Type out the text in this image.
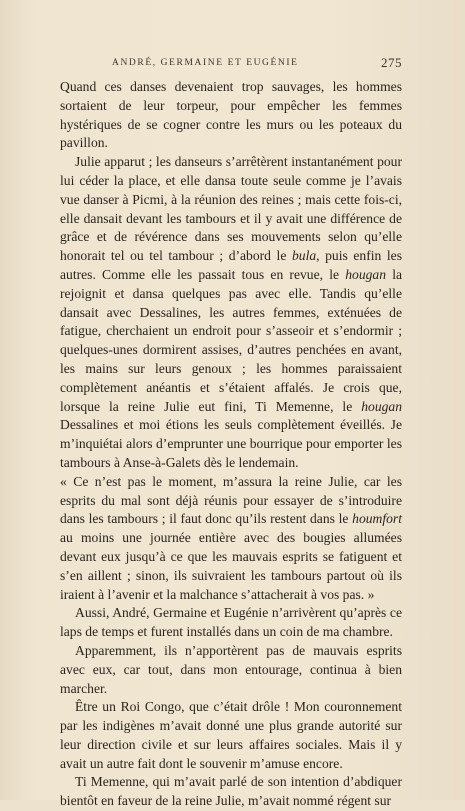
ANDRÉ, GERMAINE ET EUGÉNIE	275

Quand ces danses devenaient trop sauvages, les hommes sortaient de leur torpeur, pour empêcher les femmes hystériques de se cogner contre les murs ou les poteaux du pavillon.

Julie apparut ; les danseurs s’arrêtèrent instantanément pour lui céder la place, et elle dansa toute seule comme je l’avais vue danser à Picmi, à la réunion des reines ; mais cette fois-ci, elle dansait devant les tambours et il y avait une différence de grâce et de révérence dans ses mouvements selon qu’elle honorait tel ou tel tambour ; d’abord le bula, puis enfin les autres. Comme elle les passait tous en revue, le hougan la rejoignit et dansa quelques pas avec elle. Tandis qu’elle dansait avec Dessalines, les autres femmes, exténuées de fatigue, cherchaient un endroit pour s’asseoir et s’endormir ; quelques-unes dormirent assises, d’autres penchées en avant, les mains sur leurs genoux ; les hommes paraissaient complètement anéantis et s’étaient affalés. Je crois que, lorsque la reine Julie eut fini, Ti Memenne, le hougan Dessalines et moi étions les seuls complètement éveillés. Je m’inquiétai alors d’emprunter une bourrique pour emporter les tambours à Anse-à-Galets dès le lendemain.

« Ce n’est pas le moment, m’assura la reine Julie, car les esprits du mal sont déjà réunis pour essayer de s’introduire dans les tambours ; il faut donc qu’ils restent dans le houmfort au moins une journée entière avec des bougies allumées devant eux jusqu’à ce que les mauvais esprits se fatiguent et s’en aillent ; sinon, ils suivraient les tambours partout où ils iraient à l’avenir et la malchance s’attacherait à vos pas. »

Aussi, André, Germaine et Eugénie n’arrivèrent qu’après ce laps de temps et furent installés dans un coin de ma chambre.

Apparemment, ils n’apportèrent pas de mauvais esprits avec eux, car tout, dans mon entourage, continua à bien marcher.

Être un Roi Congo, que c’était drôle ! Mon couronnement par les indigènes m’avait donné une plus grande autorité sur leur direction civile et sur leurs affaires sociales. Mais il y avait un autre fait dont le souvenir m’amuse encore.

Ti Memenne, qui m’avait parlé de son intention d’abdiquer bientôt en faveur de la reine Julie, m’avait nommé régent sur
